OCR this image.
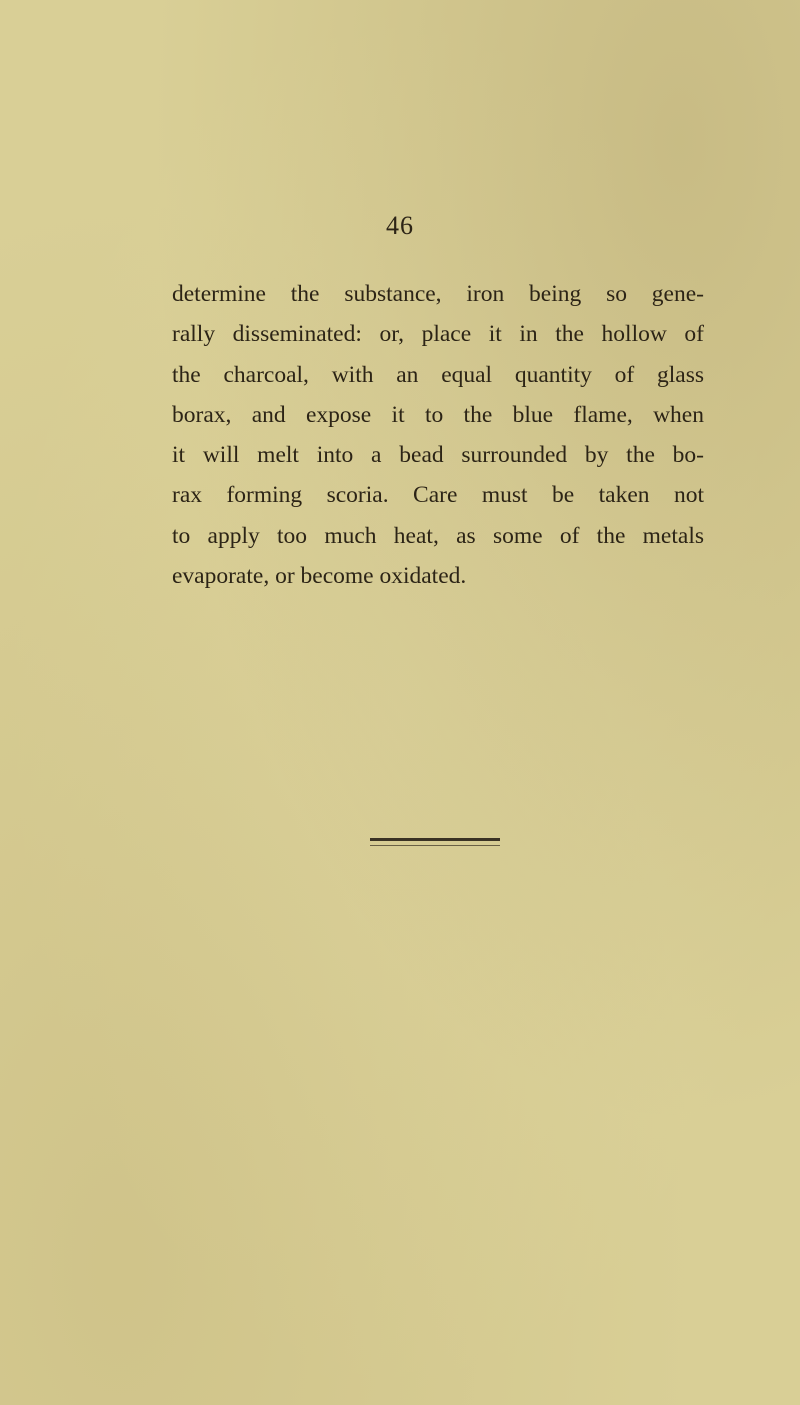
46
determine the substance, iron being so gene-
rally disseminated: or, place it in the hollow of
the charcoal, with an equal quantity of glass
borax, and expose it to the blue flame, when
it will melt into a bead surrounded by the bo-
rax forming scoria. Care must be taken not
to apply too much heat, as some of the metals
evaporate, or become oxidated.
